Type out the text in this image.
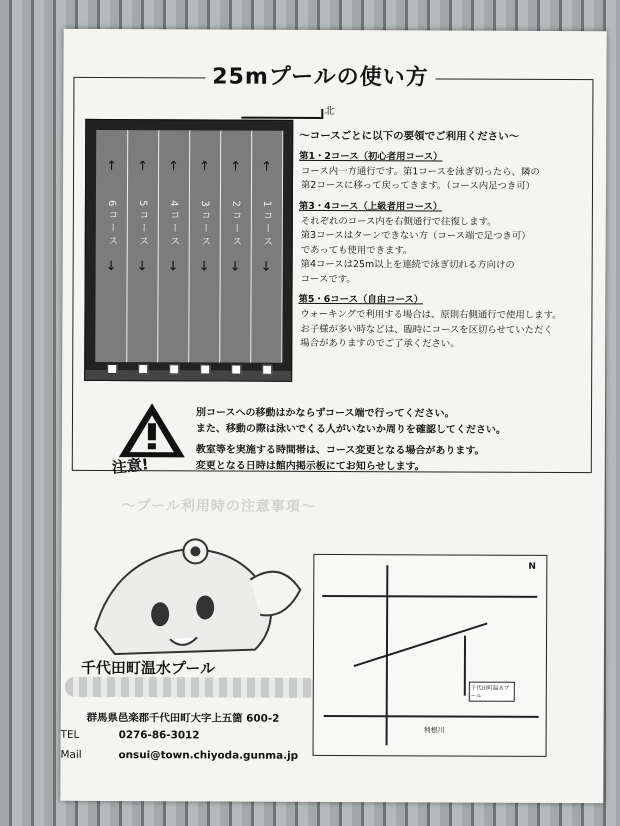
25mプールの使い方
北
6コース
↑
↓
5コース
↑
↓
4コース
↑
↓
3コース
↑
↓
2コース
↑
↓
1コース
↑
↓
～コースごとに以下の要領でご利用ください～
第1・2コース（初心者用コース）
コース内一方通行です。第1コースを泳ぎ切ったら、隣の
第2コースに移って戻ってきます。（コース内足つき可）
第3・4コース（上級者用コース）
それぞれのコース内を右側通行で往復します。
第3コースはターンできない方（コース端で足つき可）
であっても使用できます。
第4コースは25m以上を連続で泳ぎ切れる方向けの
コースです。
第5・6コース（自由コース）
ウォーキングで利用する場合は、原則右側通行で使用します。
お子様が多い時などは、臨時にコースを区切らせていただく
場合がありますのでご了承ください。
注意!

別コースへの移動はかならずコース端で行ってください。
また、移動の際は泳いでくる人がいないか周りを確認してください。

教室等を実施する時間帯は、コース変更となる場合があります。
変更となる日時は館内掲示板にてお知らせします。

～プール利用時の注意事項～
千代田町温水プール
群馬県邑楽郡千代田町大字上五箇 600-2
TEL	0276-86-3012
Mail	onsui@town.chiyoda.gunma.jp
千代田町温水プール
利根川
N
